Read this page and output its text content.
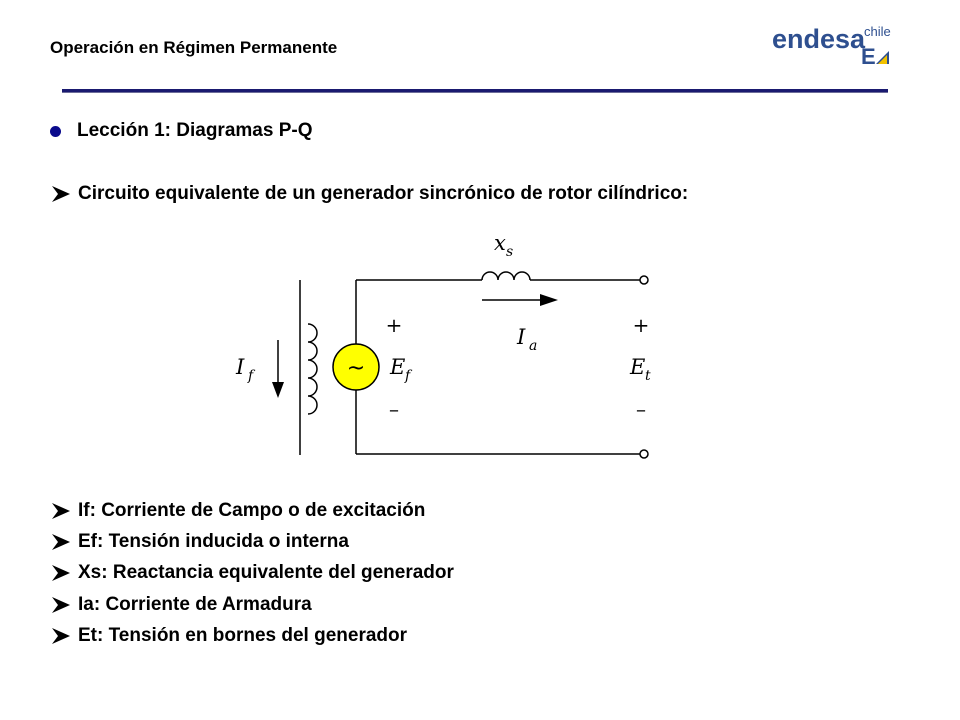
Operación en Régimen Permanente	endesa
chile
E
Lección 1: Diagramas P-Q
Circuito equivalente de un generador sincrónico de rotor cilíndrico:
~
I f	E f
x s
I a
E t
+
–
+
–
If: Corriente de Campo o de excitación
Ef: Tensión inducida o interna
Xs: Reactancia equivalente del generador
Ia: Corriente de Armadura
Et: Tensión en bornes del generador
